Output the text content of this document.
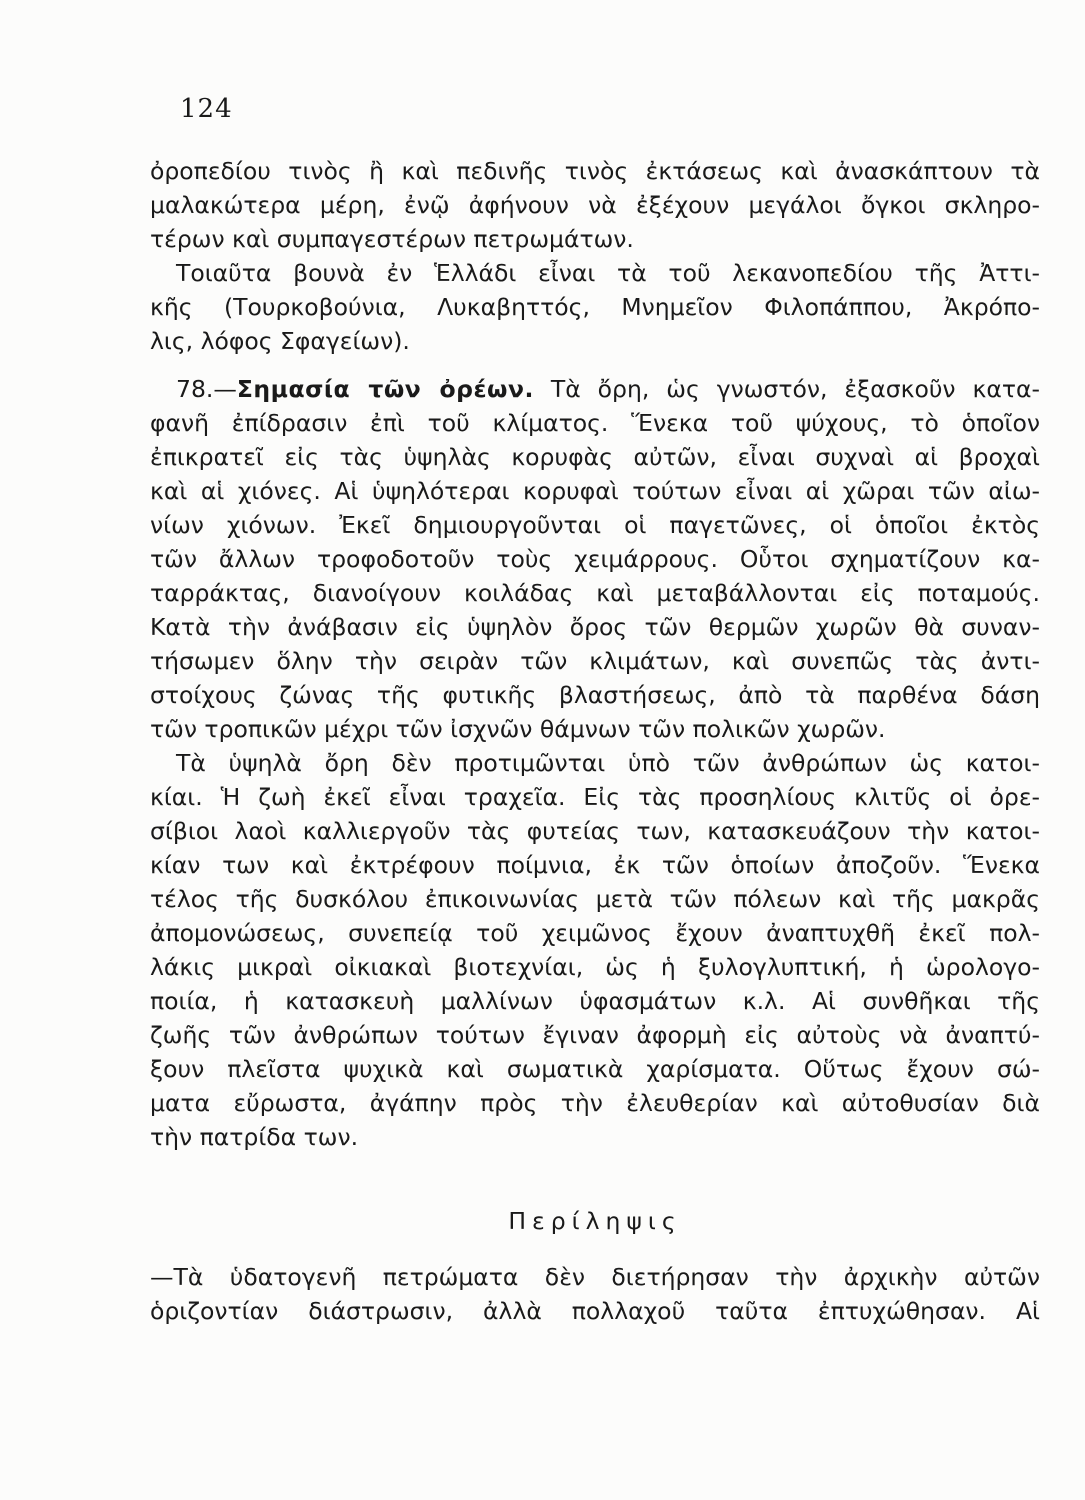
124
ὀροπεδίου τινὸς ἢ καὶ πεδινῆς τινὸς ἐκτάσεως καὶ ἀνασκάπτουν τὰ
μαλακώτερα μέρη, ἐνῷ ἀφήνουν νὰ ἐξέχουν μεγάλοι ὄγκοι σκληρο-
τέρων καὶ συμπαγεστέρων πετρωμάτων.
Τοιαῦτα βουνὰ ἐν Ἑλλάδι εἶναι τὰ τοῦ λεκανοπεδίου τῆς Ἀττι-
κῆς (Τουρκοβούνια, Λυκαβηττός, Μνημεῖον Φιλοπάππου, Ἀκρόπο-
λις, λόφος Σφαγείων).
78.—Σημασία τῶν ὀρέων. Τὰ ὄρη, ὡς γνωστόν, ἐξασκοῦν κατα-
φανῆ ἐπίδρασιν ἐπὶ τοῦ κλίματος. Ἕνεκα τοῦ ψύχους, τὸ ὁποῖον
ἐπικρατεῖ εἰς τὰς ὑψηλὰς κορυφὰς αὐτῶν, εἶναι συχναὶ αἱ βροχαὶ
καὶ αἱ χιόνες. Αἱ ὑψηλότεραι κορυφαὶ τούτων εἶναι αἱ χῶραι τῶν αἰω-
νίων χιόνων. Ἐκεῖ δημιουργοῦνται οἱ παγετῶνες, οἱ ὁποῖοι ἐκτὸς
τῶν ἄλλων τροφοδοτοῦν τοὺς χειμάρρους. Οὗτοι σχηματίζουν κα-
ταρράκτας, διανοίγουν κοιλάδας καὶ μεταβάλλονται εἰς ποταμούς.
Κατὰ τὴν ἀνάβασιν εἰς ὑψηλὸν ὄρος τῶν θερμῶν χωρῶν θὰ συναν-
τήσωμεν ὅλην τὴν σειρὰν τῶν κλιμάτων, καὶ συνεπῶς τὰς ἀντι-
στοίχους ζώνας τῆς φυτικῆς βλαστήσεως, ἀπὸ τὰ παρθένα δάση
τῶν τροπικῶν μέχρι τῶν ἰσχνῶν θάμνων τῶν πολικῶν χωρῶν.
Τὰ ὑψηλὰ ὄρη δὲν προτιμῶνται ὑπὸ τῶν ἀνθρώπων ὡς κατοι-
κίαι. Ἡ ζωὴ ἐκεῖ εἶναι τραχεῖα. Εἰς τὰς προσηλίους κλιτῦς οἱ ὀρε-
σίβιοι λαοὶ καλλιεργοῦν τὰς φυτείας των, κατασκευάζουν τὴν κατοι-
κίαν των καὶ ἐκτρέφουν ποίμνια, ἐκ τῶν ὁποίων ἀποζοῦν. Ἕνεκα
τέλος τῆς δυσκόλου ἐπικοινωνίας μετὰ τῶν πόλεων καὶ τῆς μακρᾶς
ἀπομονώσεως, συνεπείᾳ τοῦ χειμῶνος ἔχουν ἀναπτυχθῆ ἐκεῖ πολ-
λάκις μικραὶ οἰκιακαὶ βιοτεχνίαι, ὡς ἡ ξυλογλυπτική, ἡ ὡρολογο-
ποιία, ἡ κατασκευὴ μαλλίνων ὑφασμάτων κ.λ. Αἱ συνθῆκαι τῆς
ζωῆς τῶν ἀνθρώπων τούτων ἔγιναν ἀφορμὴ εἰς αὐτοὺς νὰ ἀναπτύ-
ξουν πλεῖστα ψυχικὰ καὶ σωματικὰ χαρίσματα. Οὕτως ἔχουν σώ-
ματα εὔρωστα, ἀγάπην πρὸς τὴν ἐλευθερίαν καὶ αὐτοθυσίαν διὰ
τὴν πατρίδα των.
Περίληψις
—Τὰ ὑδατογενῆ πετρώματα δὲν διετήρησαν τὴν ἀρχικὴν αὐτῶν
ὁριζοντίαν διάστρωσιν, ἀλλὰ πολλαχοῦ ταῦτα ἐπτυχώθησαν. Αἱ
